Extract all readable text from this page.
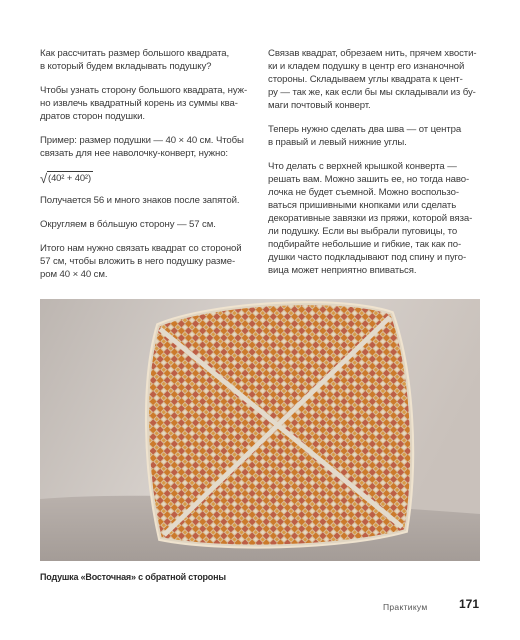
Как рассчитать размер большого квадрата,
в который будем вкладывать подушку?

Чтобы узнать сторону большого квадрата, нуж-
но извлечь квадратный корень из суммы ква-
дратов сторон подушки.

Пример: размер подушки — 40 × 40 см. Чтобы
связать для нее наволочку-конверт, нужно:

√ (40² + 40²)

Получается 56 и много знаков после запятой.

Округляем в бóльшую сторону — 57 см.

Итого нам нужно связать квадрат со стороной
57 см, чтобы вложить в него подушку разме-
ром 40 × 40 см.

Связав квадрат, обрезаем нить, прячем хвости-
ки и кладем подушку в центр его изнаночной
стороны. Складываем углы квадрата к цент-
ру — так же, как если бы мы складывали из бу-
маги почтовый конверт.

Теперь нужно сделать два шва — от центра
в правый и левый нижние углы.

Что делать с верхней крышкой конверта —
решать вам. Можно зашить ее, но тогда наво-
лочка не будет съемной. Можно воспользо-
ваться пришивными кнопками или сделать
декоративные завязки из пряжи, которой вяза-
ли подушку. Если вы выбрали пуговицы, то
подбирайте небольшие и гибкие, так как по-
душки часто подкладывают под спину и пуго-
вица может неприятно впиваться.

Подушка «Восточная» с обратной стороны
Практикум	171
